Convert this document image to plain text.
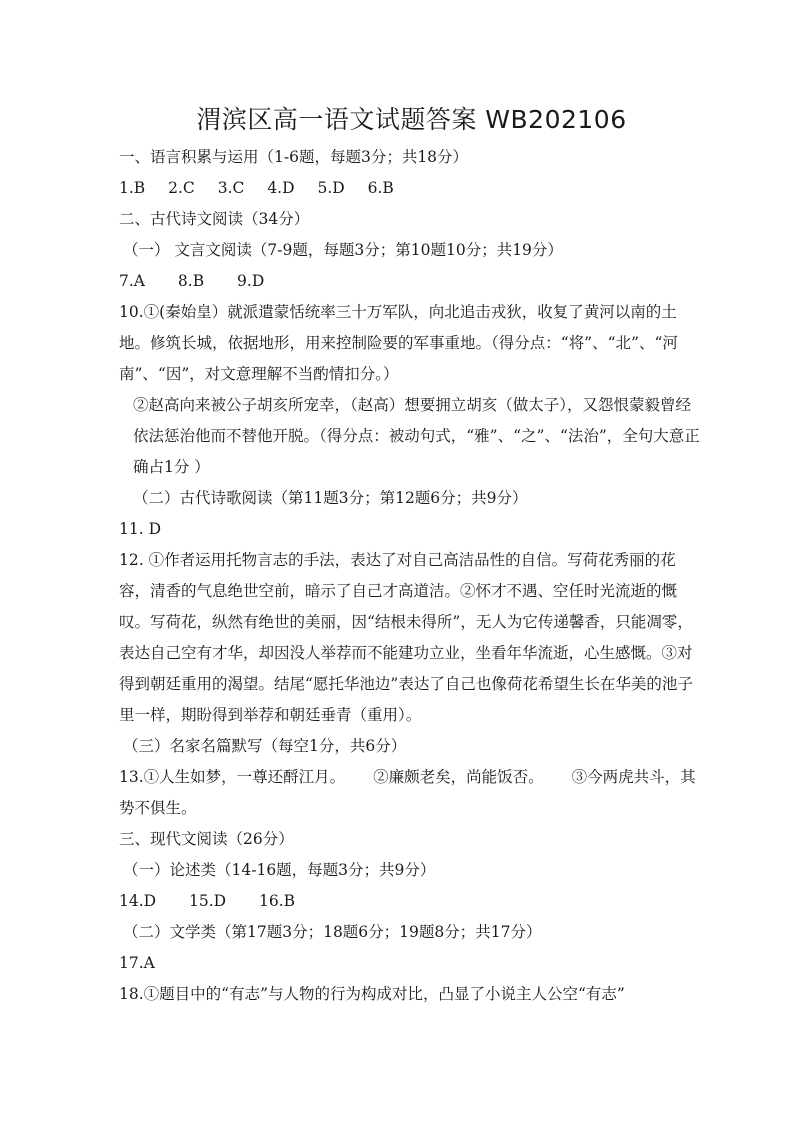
渭滨区高一语文试题答案 WB202106
一、语言积累与运用（1-6题，每题3分；共18分）
1.B 2.C 3.C 4.D 5.D 6.B
二、古代诗文阅读（34分）
（一） 文言文阅读（7-9题，每题3分；第10题10分；共19分）
7.A 8.B 9.D

10.①(秦始皇）就派遣蒙恬统率三十万军队，向北追击戎狄，收复了黄河以南的土地。修筑长城，依据地形，用来控制险要的军事重地。（得分点：“将”、“北”、“河南”、“因”，对文意理解不当酌情扣分。）

②赵高向来被公子胡亥所宠幸，（赵高）想要拥立胡亥（做太子），又怨恨蒙毅曾经依法惩治他而不替他开脱。（得分点：被动句式，“雅”、“之”、“法治”，全句大意正确占1分 ）

（二）古代诗歌阅读（第11题3分；第12题6分；共9分）
11. D

12. ①作者运用托物言志的手法，表达了对自己高洁品性的自信。写荷花秀丽的花容，清香的气息绝世空前，暗示了自己才高道洁。②怀才不遇、空任时光流逝的慨叹。写荷花，纵然有绝世的美丽，因“结根未得所”，无人为它传递馨香，只能凋零，表达自己空有才华，却因没人举荐而不能建功立业，坐看年华流逝，心生感慨。③对得到朝廷重用的渴望。结尾“愿托华池边”表达了自己也像荷花希望生长在华美的池子里一样，期盼得到举荐和朝廷垂青（重用）。

（三）名家名篇默写（每空1分，共6分）

13.①人生如梦，一尊还酹江月。 ②廉颇老矣，尚能饭否。 ③今两虎共斗，其势不俱生。

三、现代文阅读（26分）
（一）论述类（14-16题，每题3分；共9分）
14.D 15.D 16.B
（二）文学类（第17题3分；18题6分；19题8分；共17分）
17.A
18.①题目中的“有志”与人物的行为构成对比，凸显了小说主人公空“有志”
